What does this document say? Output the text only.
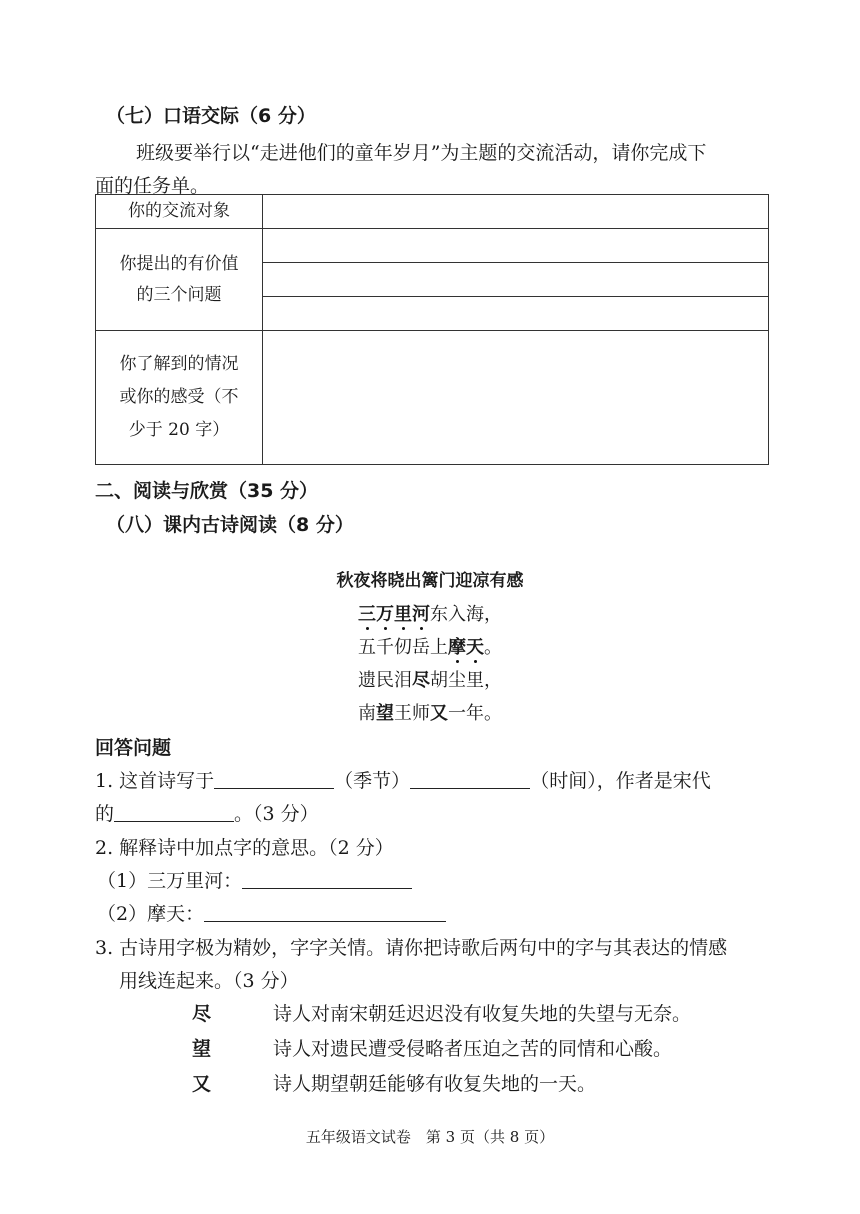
（七）口语交际（6 分）
班级要举行以“走进他们的童年岁月”为主题的交流活动，请你完成下
面的任务单。
你的交流对象	

你提出的有价值
的三个问题	

你了解到的情况
或你的感受（不
少于 20 字）	

二、阅读与欣赏（35 分）
（八）课内古诗阅读（8 分）
秋夜将晓出篱门迎凉有感
三万里河东入海，
五千仞岳上摩天。
遗民泪尽胡尘里，
南望王师又一年。
回答问题
1. 这首诗写于	（季节）	（时间），作者是宋代
的	。（3 分）
2. 解释诗中加点字的意思。（2 分）
（1）三万里河：
（2）摩天：
3. 古诗用字极为精妙，字字关情。请你把诗歌后两句中的字与其表达的情感
用线连起来。（3 分）
尽	诗人对南宋朝廷迟迟没有收复失地的失望与无奈。
望	诗人对遗民遭受侵略者压迫之苦的同情和心酸。
又	诗人期望朝廷能够有收复失地的一天。
五年级语文试卷　第 3 页（共 8 页）
